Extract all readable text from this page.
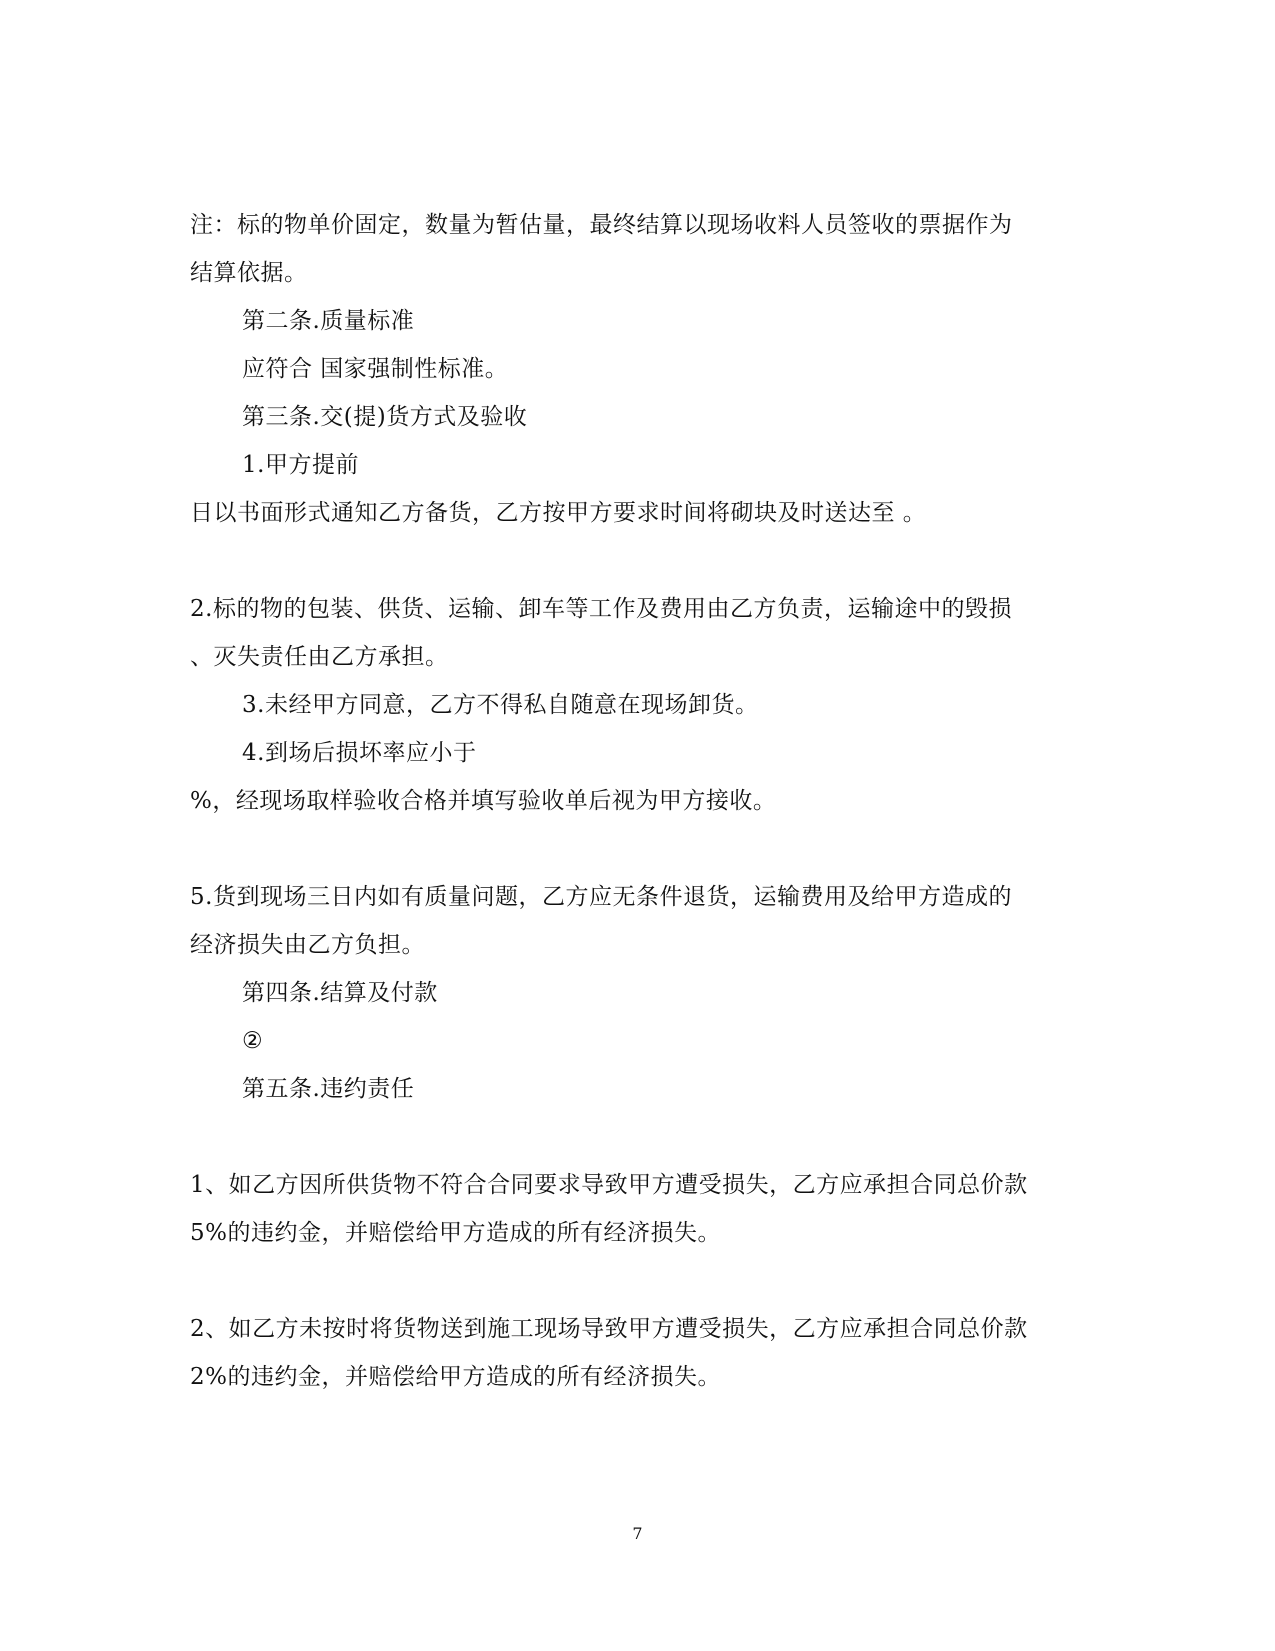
注：标的物单价固定，数量为暂估量，最终结算以现场收料人员签收的票据作为
结算依据。
第二条.质量标准
应符合 国家强制性标准。
第三条.交(提)货方式及验收
1.甲方提前
日以书面形式通知乙方备货，乙方按甲方要求时间将砌块及时送达至 。
2.标的物的包装、供货、运输、卸车等工作及费用由乙方负责，运输途中的毁损
、灭失责任由乙方承担。
3.未经甲方同意，乙方不得私自随意在现场卸货。
4.到场后损坏率应小于
%，经现场取样验收合格并填写验收单后视为甲方接收。
5.货到现场三日内如有质量问题，乙方应无条件退货，运输费用及给甲方造成的
经济损失由乙方负担。
第四条.结算及付款
②
第五条.违约责任
1、如乙方因所供货物不符合合同要求导致甲方遭受损失，乙方应承担合同总价款
5%的违约金，并赔偿给甲方造成的所有经济损失。
2、如乙方未按时将货物送到施工现场导致甲方遭受损失，乙方应承担合同总价款
2%的违约金，并赔偿给甲方造成的所有经济损失。
7
